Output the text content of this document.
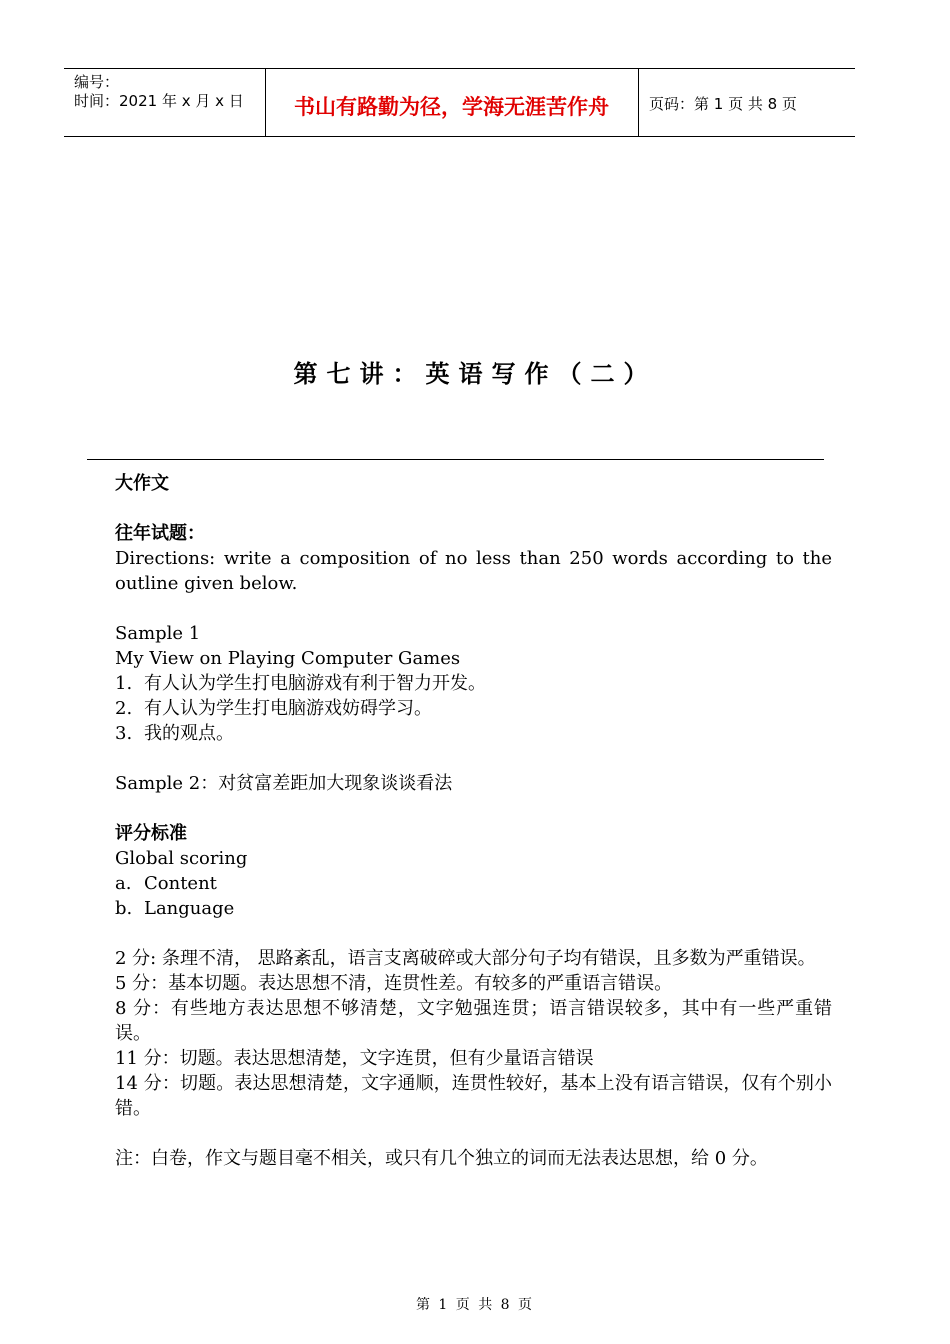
编号：
时间：2021 年 x 月 x 日	书山有路勤为径，学海无涯苦作舟	页码：第 1 页 共 8 页
第七讲：英语写作（二）

大作文

往年试题：

Directions: write a composition of no less than 250 words according to the outline given below.

Sample 1

My View on Playing Computer Games

1. 有人认为学生打电脑游戏有利于智力开发。
2. 有人认为学生打电脑游戏妨碍学习。
3. 我的观点。

Sample 2：对贫富差距加大现象谈谈看法

评分标准

Global scoring

a. Content
b. Language

2 分: 条理不清， 思路紊乱，语言支离破碎或大部分句子均有错误，且多数为严重错误。

5 分：基本切题。表达思想不清，连贯性差。有较多的严重语言错误。

8 分：有些地方表达思想不够清楚，文字勉强连贯；语言错误较多，其中有一些严重错误。

11 分：切题。表达思想清楚，文字连贯，但有少量语言错误

14 分：切题。表达思想清楚，文字通顺，连贯性较好，基本上没有语言错误，仅有个别小错。

注：白卷，作文与题目毫不相关，或只有几个独立的词而无法表达思想，给 0 分。

第 1 页 共 8 页
